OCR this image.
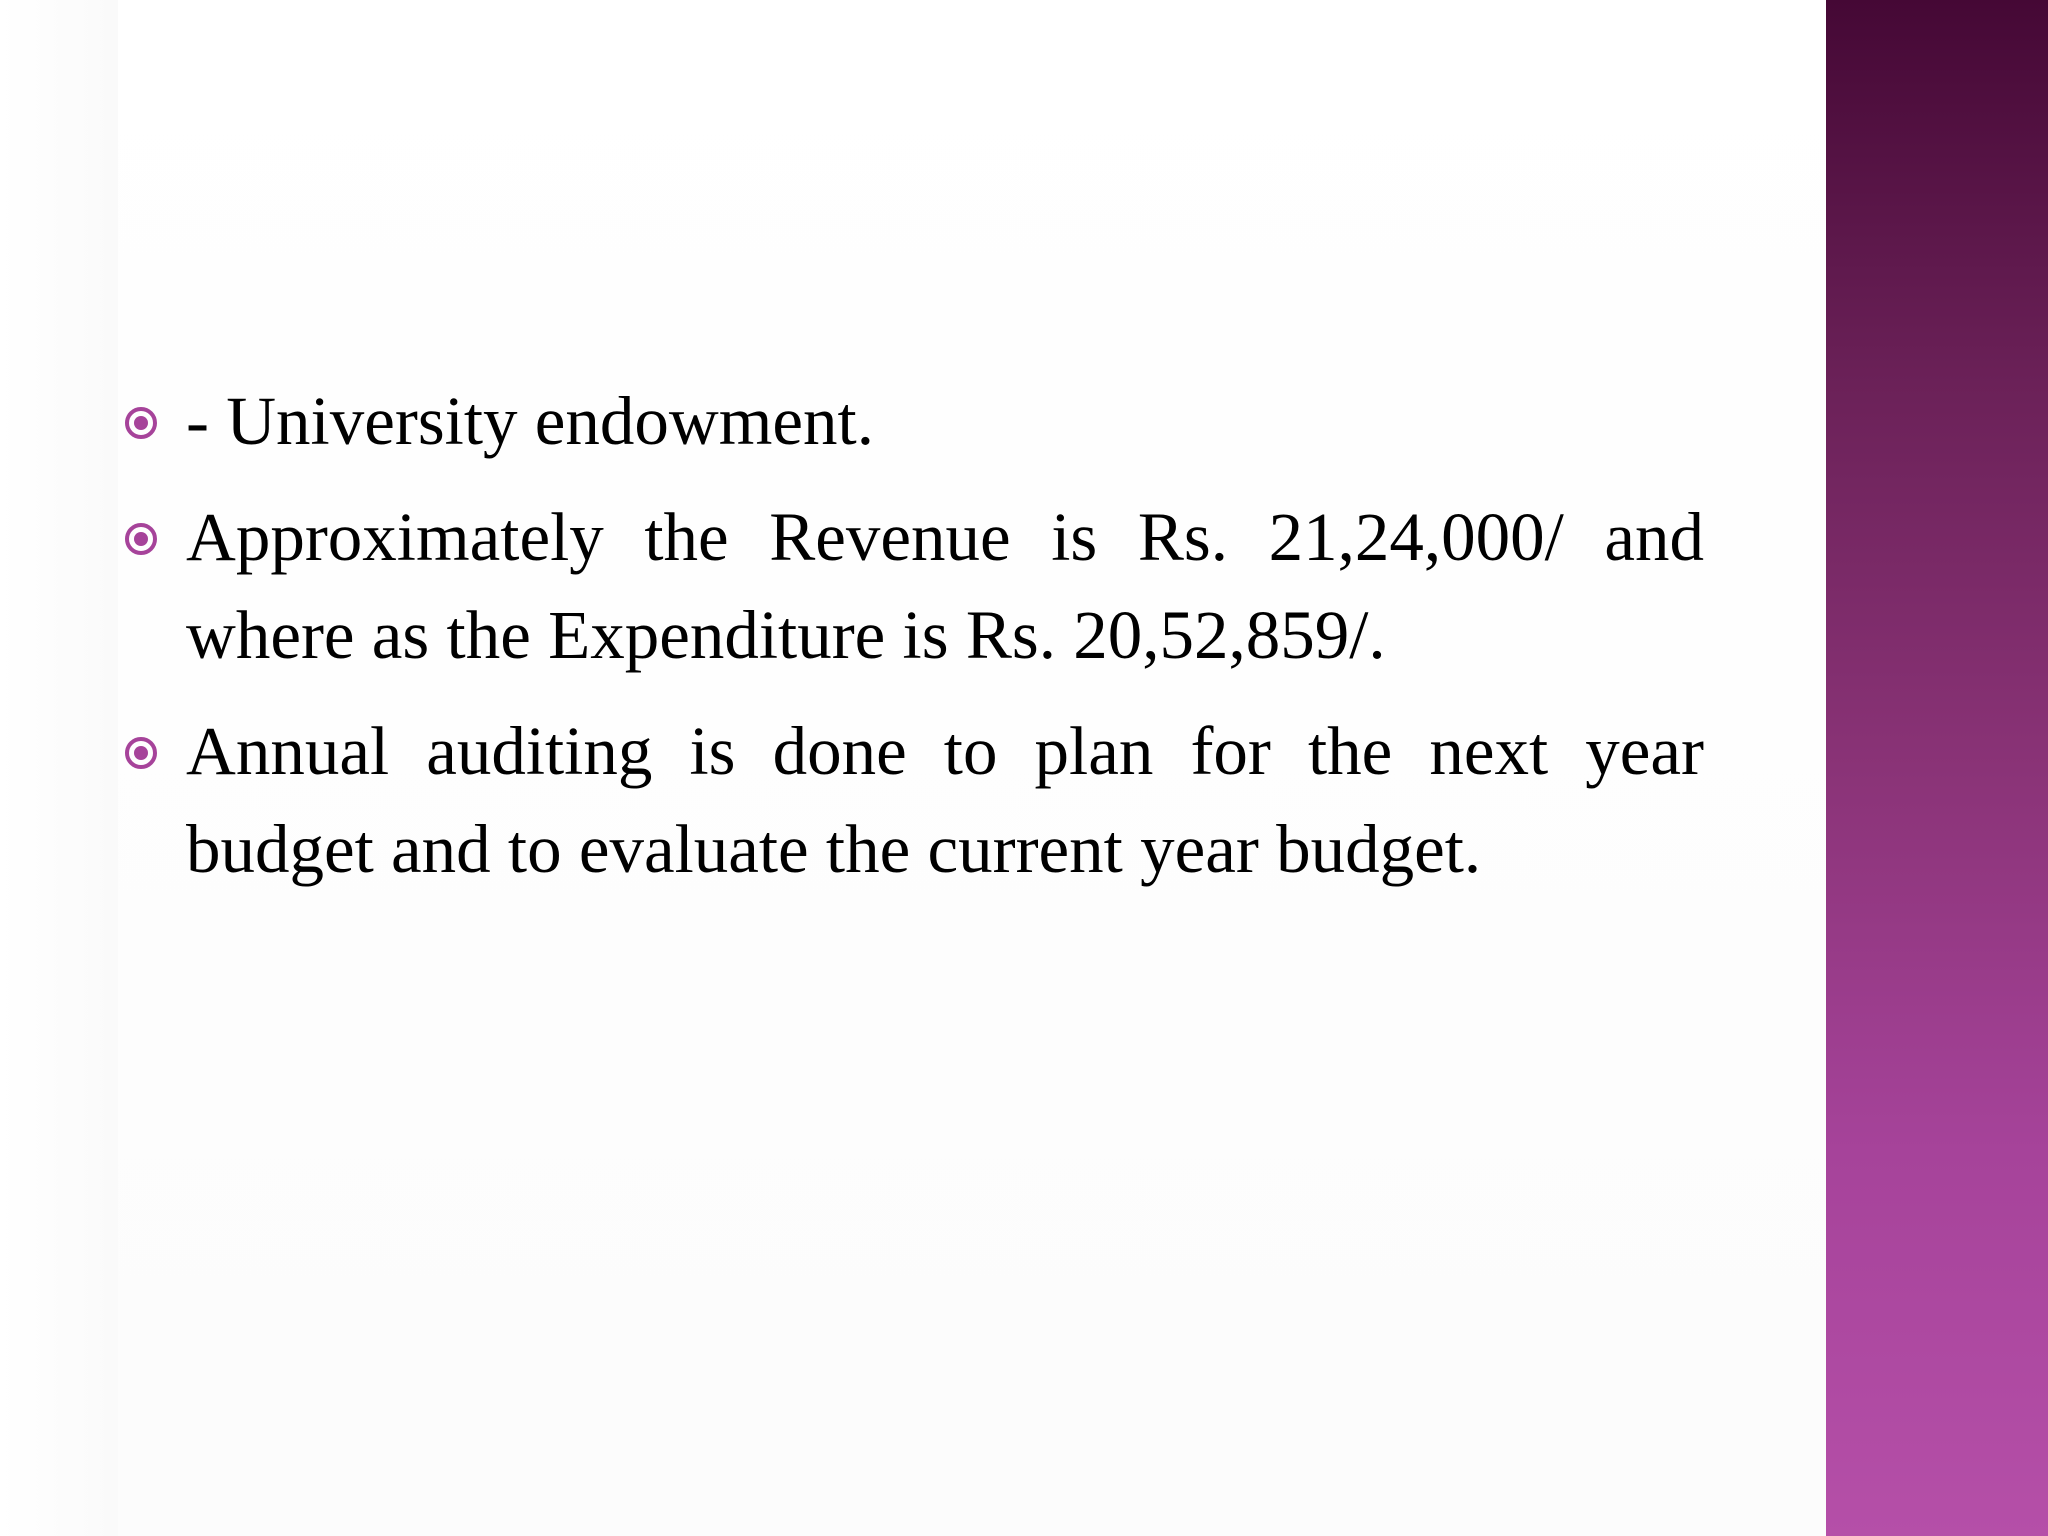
- University endowment.
Approximately the Revenue is Rs. 21,24,000/ and where as the Expenditure is Rs. 20,52,859/.
Annual auditing is done to plan for the next year budget and to evaluate the current year budget.
